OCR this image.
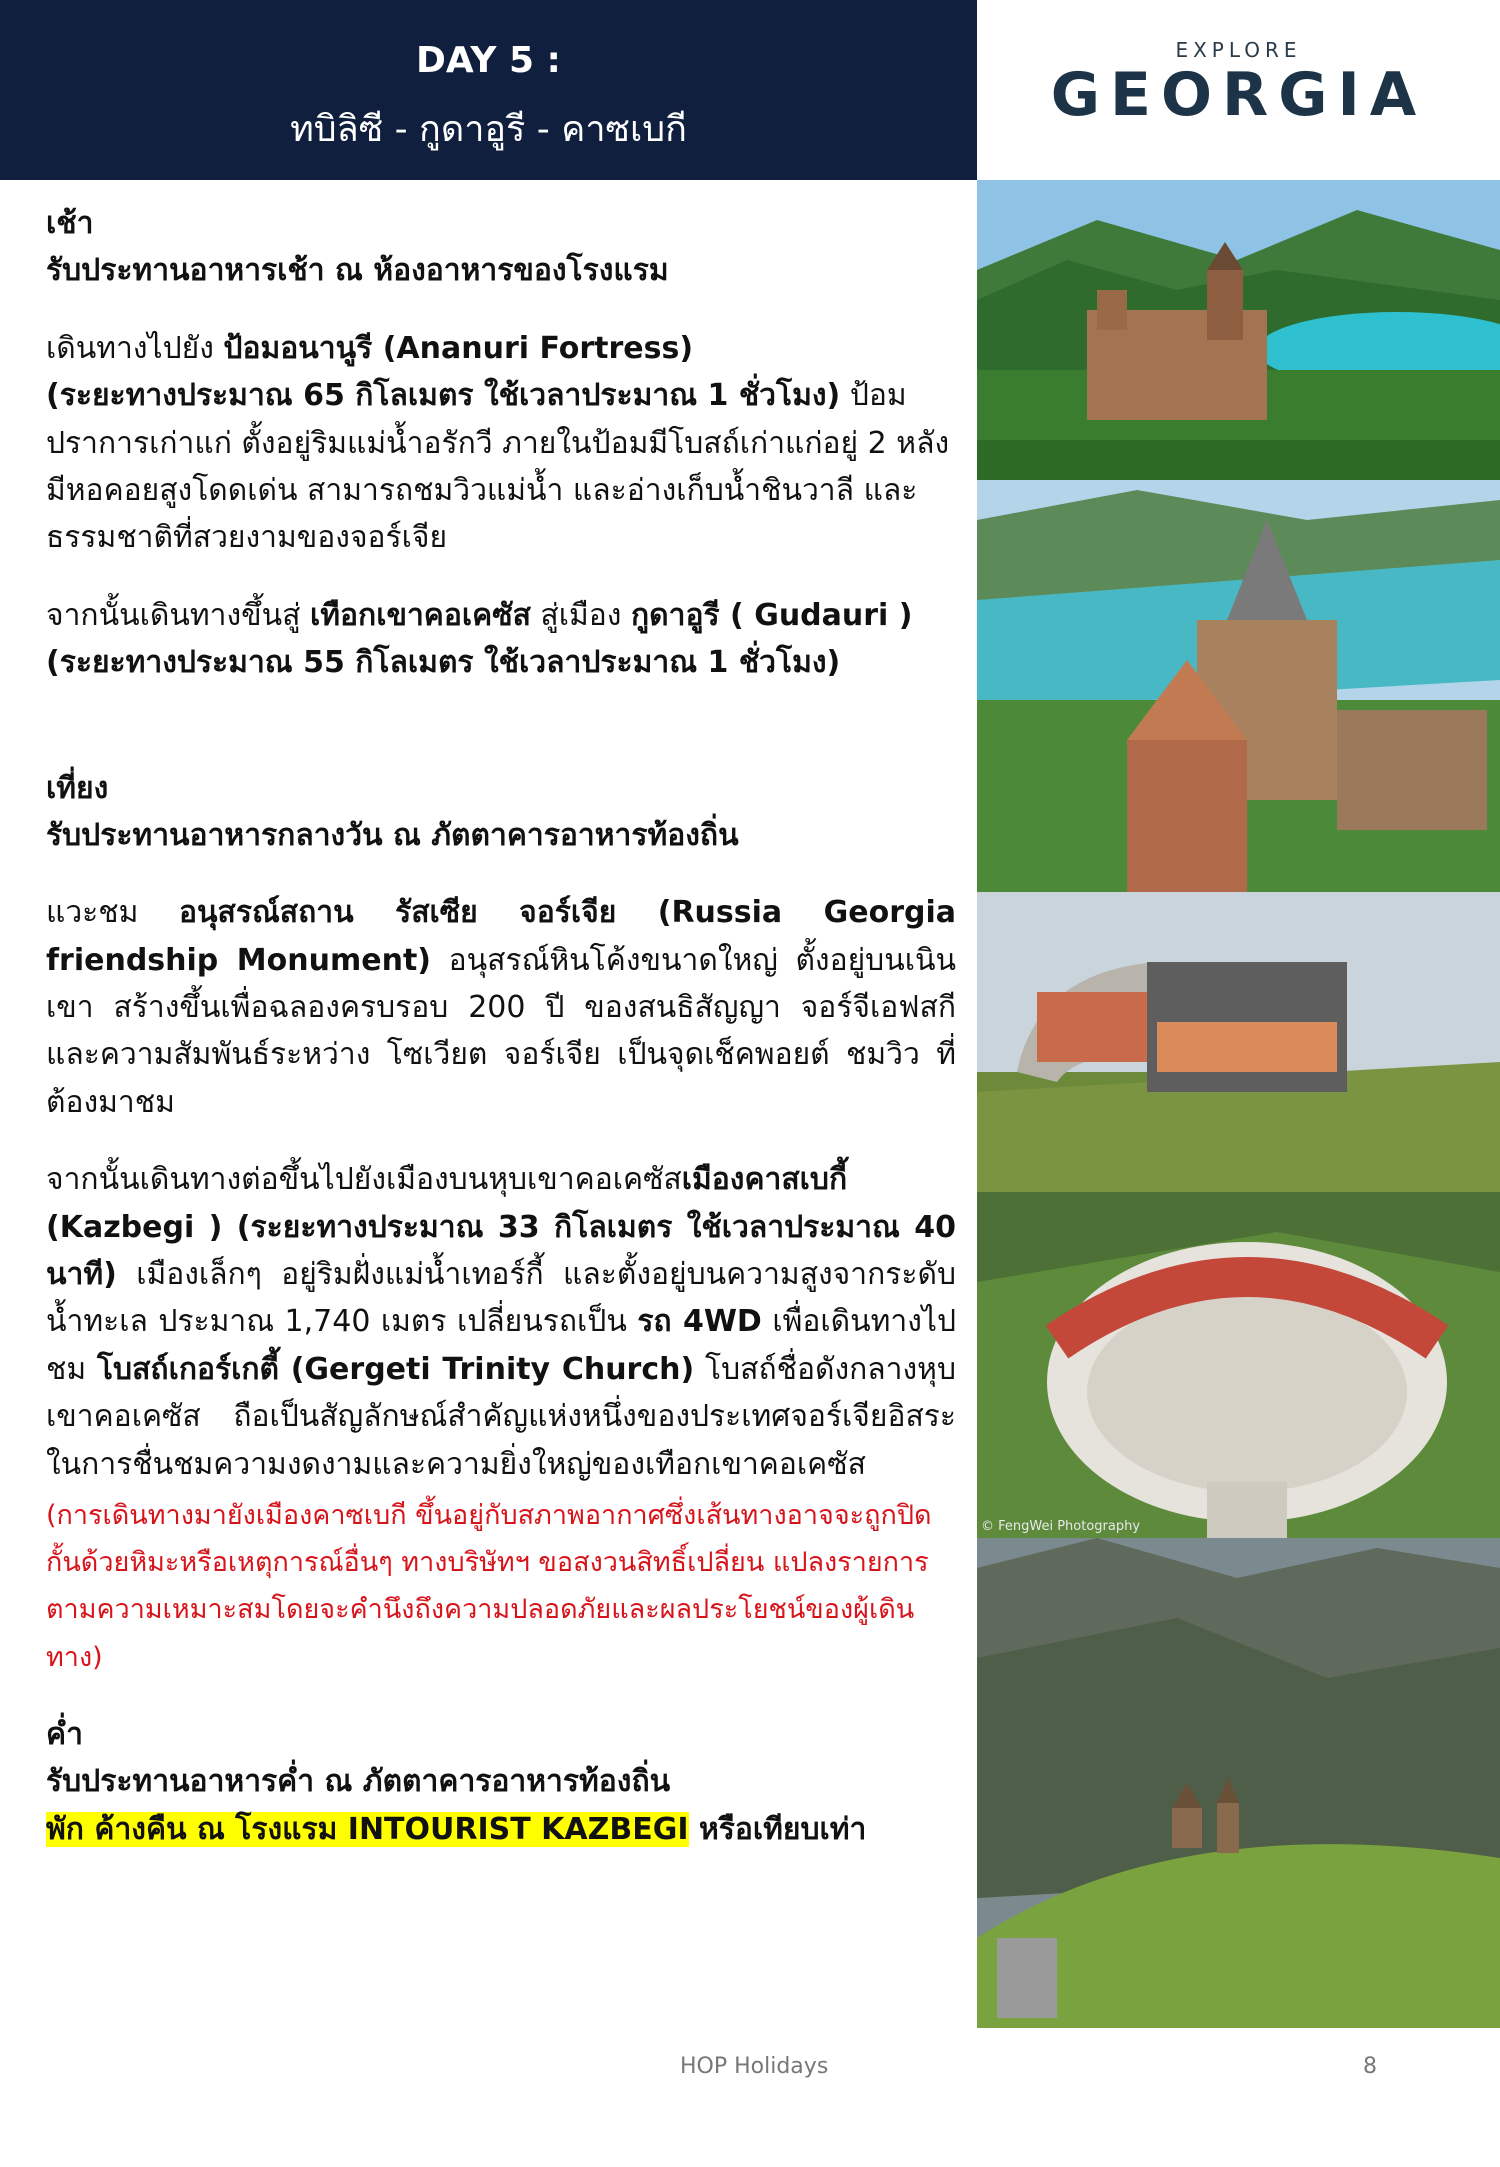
DAY 5 :
ทบิลิซี - กูดาอูรี - คาซเบกี
EXPLORE
GEORGIA

เช้า
รับประทานอาหารเช้า ณ ห้องอาหารของโรงแรม

เดินทางไปยัง ป้อมอนานูรี (Ananuri Fortress)
(ระยะทางประมาณ 65 กิโลเมตร ใช้เวลาประมาณ 1 ชั่วโมง) ป้อมปราการเก่าแก่ ตั้งอยู่ริมแม่น้ำอรักวี ภายในป้อมมีโบสถ์เก่าแก่อยู่ 2 หลัง มีหอคอยสูงโดดเด่น สามารถชมวิวแม่น้ำ และอ่างเก็บน้ำชินวาลี และธรรมชาติที่สวยงามของจอร์เจีย

จากนั้นเดินทางขึ้นสู่ เทือกเขาคอเคซัส สู่เมือง กูดาอูรี ( Gudauri )
(ระยะทางประมาณ 55 กิโลเมตร ใช้เวลาประมาณ 1 ชั่วโมง)

เที่ยง
รับประทานอาหารกลางวัน ณ ภัตตาคารอาหารท้องถิ่น

แวะชม อนุสรณ์สถาน รัสเซีย จอร์เจีย (Russia Georgia friendship Monument) อนุสรณ์หินโค้งขนาดใหญ่ ตั้งอยู่บนเนินเขา สร้างขึ้นเพื่อฉลองครบรอบ 200 ปี ของสนธิสัญญา จอร์จีเอฟสกี และความสัมพันธ์ระหว่าง โซเวียต จอร์เจีย เป็นจุดเช็คพอยต์ ชมวิว ที่ต้องมาชม

จากนั้นเดินทางต่อขึ้นไปยังเมืองบนหุบเขาคอเคซัสเมืองคาสเบกี้ (Kazbegi ) (ระยะทางประมาณ 33 กิโลเมตร ใช้เวลาประมาณ 40 นาที) เมืองเล็กๆ อยู่ริมฝั่งแม่น้ำเทอร์กี้ และตั้งอยู่บนความสูงจากระดับน้ำทะเล ประมาณ 1,740 เมตร เปลี่ยนรถเป็น รถ 4WD เพื่อเดินทางไปชม โบสถ์เกอร์เกตี้ (Gergeti Trinity Church) โบสถ์ชื่อดังกลางหุบเขาคอเคซัส ถือเป็นสัญลักษณ์สำคัญแห่งหนึ่งของประเทศจอร์เจียอิสระในการชื่นชมความงดงามและความยิ่งใหญ่ของเทือกเขาคอเคซัส

(การเดินทางมายังเมืองคาซเบกี ขึ้นอยู่กับสภาพอากาศซึ่งเส้นทางอาจจะถูกปิดกั้นด้วยหิมะหรือเหตุการณ์อื่นๆ ทางบริษัทฯ ขอสงวนสิทธิ์เปลี่ยน แปลงรายการตามความเหมาะสมโดยจะคำนึงถึงความปลอดภัยและผลประโยชน์ของผู้เดินทาง)

ค่ำ
รับประทานอาหารค่ำ ณ ภัตตาคารอาหารท้องถิ่น
พัก ค้างคืน ณ โรงแรม INTOURIST KAZBEGI หรือเทียบเท่า

© FengWei Photography
HOP Holidays	8
